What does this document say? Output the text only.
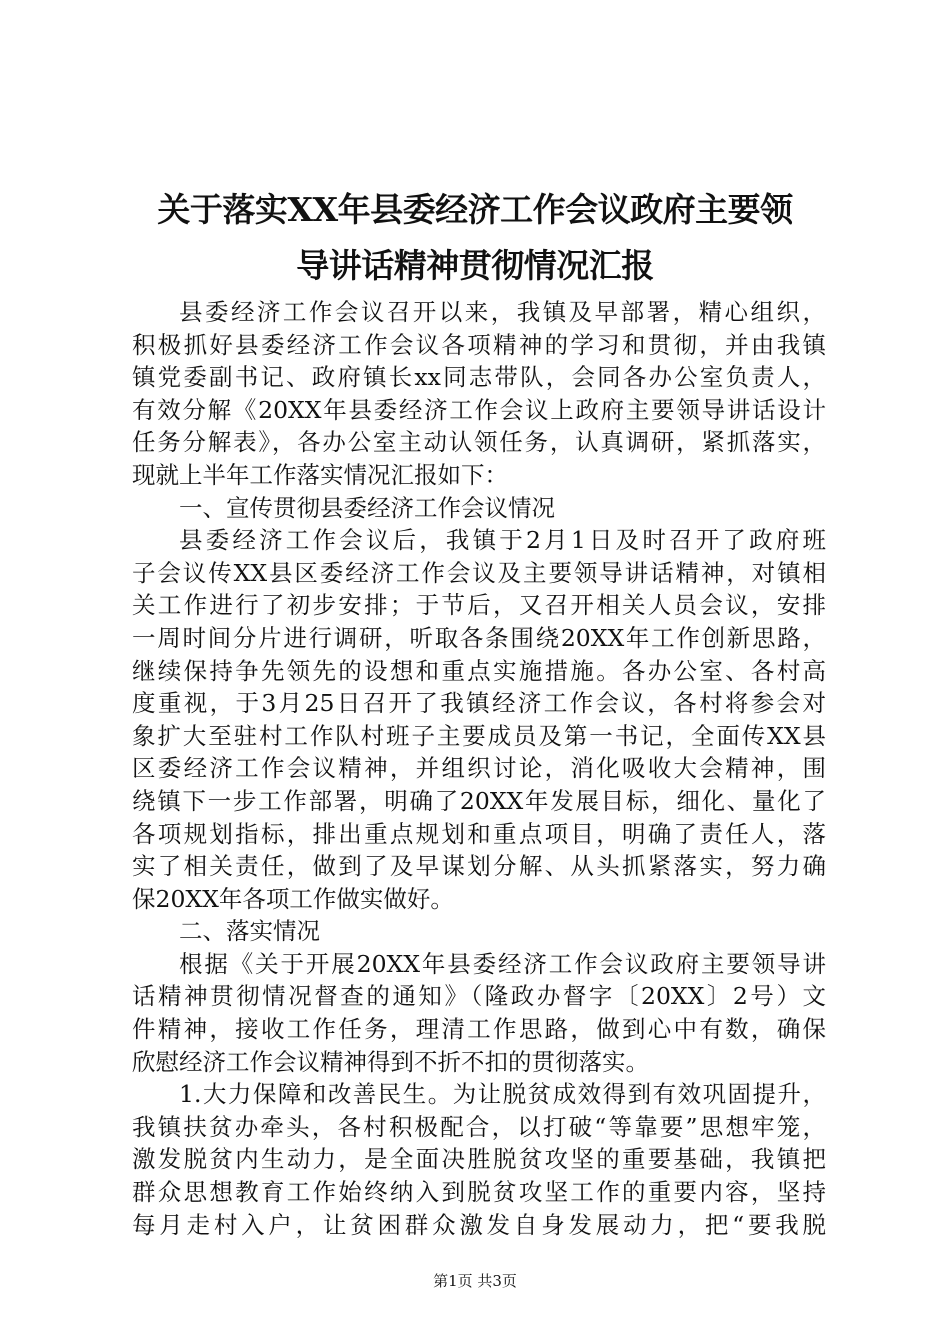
关于落实XX年县委经济工作会议政府主要领
导讲话精神贯彻情况汇报
县委经济工作会议召开以来，我镇及早部署，精心组织，
积极抓好县委经济工作会议各项精神的学习和贯彻，并由我镇
镇党委副书记、政府镇长xx同志带队，会同各办公室负责人，
有效分解《20XX年县委经济工作会议上政府主要领导讲话设计
任务分解表》，各办公室主动认领任务，认真调研，紧抓落实，
现就上半年工作落实情况汇报如下：
一、宣传贯彻县委经济工作会议情况
县委经济工作会议后，我镇于2月1日及时召开了政府班
子会议传XX县区委经济工作会议及主要领导讲话精神，对镇相
关工作进行了初步安排；于节后，又召开相关人员会议，安排
一周时间分片进行调研，听取各条围绕20XX年工作创新思路，
继续保持争先领先的设想和重点实施措施。各办公室、各村高
度重视，于3月25日召开了我镇经济工作会议，各村将参会对
象扩大至驻村工作队村班子主要成员及第一书记，全面传XX县
区委经济工作会议精神，并组织讨论，消化吸收大会精神，围
绕镇下一步工作部署，明确了20XX年发展目标，细化、量化了
各项规划指标，排出重点规划和重点项目，明确了责任人，落
实了相关责任，做到了及早谋划分解、从头抓紧落实，努力确
保20XX年各项工作做实做好。
二、落实情况
根据《关于开展20XX年县委经济工作会议政府主要领导讲
话精神贯彻情况督查的通知》（隆政办督字〔20XX〕2号）文
件精神，接收工作任务，理清工作思路，做到心中有数，确保
欣慰经济工作会议精神得到不折不扣的贯彻落实。
1.大力保障和改善民生。为让脱贫成效得到有效巩固提升，
我镇扶贫办牵头，各村积极配合，以打破“等靠要”思想牢笼，
激发脱贫内生动力，是全面决胜脱贫攻坚的重要基础，我镇把
群众思想教育工作始终纳入到脱贫攻坚工作的重要内容，坚持
每月走村入户，让贫困群众激发自身发展动力，把“要我脱
第1页 共3页
